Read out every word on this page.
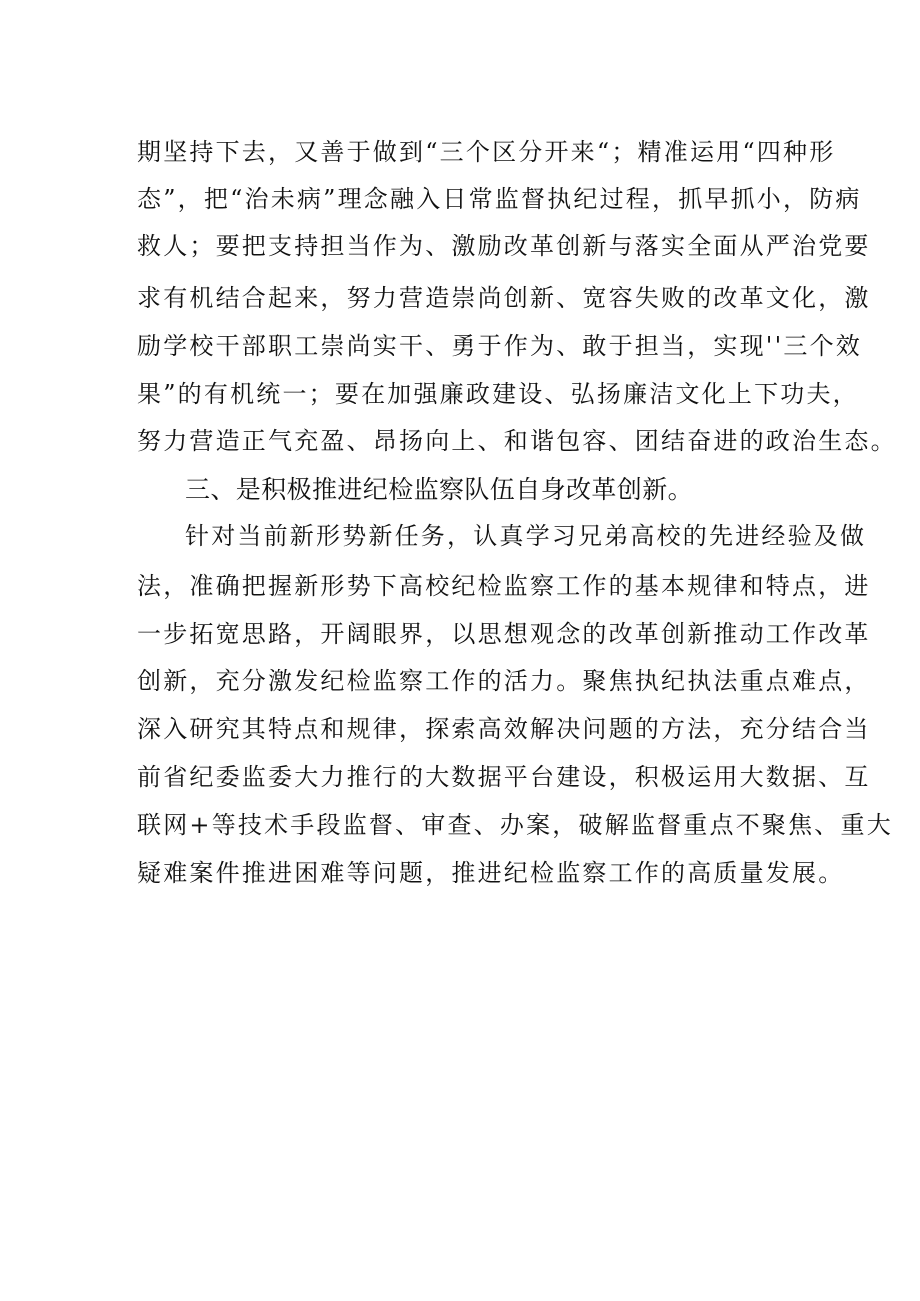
期坚持下去，又善于做到“三个区分开来“；精准运用“四种形
态”，把“治未病”理念融入日常监督执纪过程，抓早抓小，防病
救人；要把支持担当作为、激励改革创新与落实全面从严治党要
求有机结合起来，努力营造崇尚创新、宽容失败的改革文化，激
励学校干部职工崇尚实干、勇于作为、敢于担当，实现''三个效
果”的有机统一；要在加强廉政建设、弘扬廉洁文化上下功夫，
努力营造正气充盈、昂扬向上、和谐包容、团结奋进的政治生态。
三、是积极推进纪检监察队伍自身改革创新。
针对当前新形势新任务，认真学习兄弟高校的先进经验及做
法，准确把握新形势下高校纪检监察工作的基本规律和特点，进
一步拓宽思路，开阔眼界，以思想观念的改革创新推动工作改革
创新，充分激发纪检监察工作的活力。聚焦执纪执法重点难点，
深入研究其特点和规律，探索高效解决问题的方法，充分结合当
前省纪委监委大力推行的大数据平台建设，积极运用大数据、互
联网+等技术手段监督、审查、办案，破解监督重点不聚焦、重大
疑难案件推进困难等问题，推进纪检监察工作的高质量发展。
